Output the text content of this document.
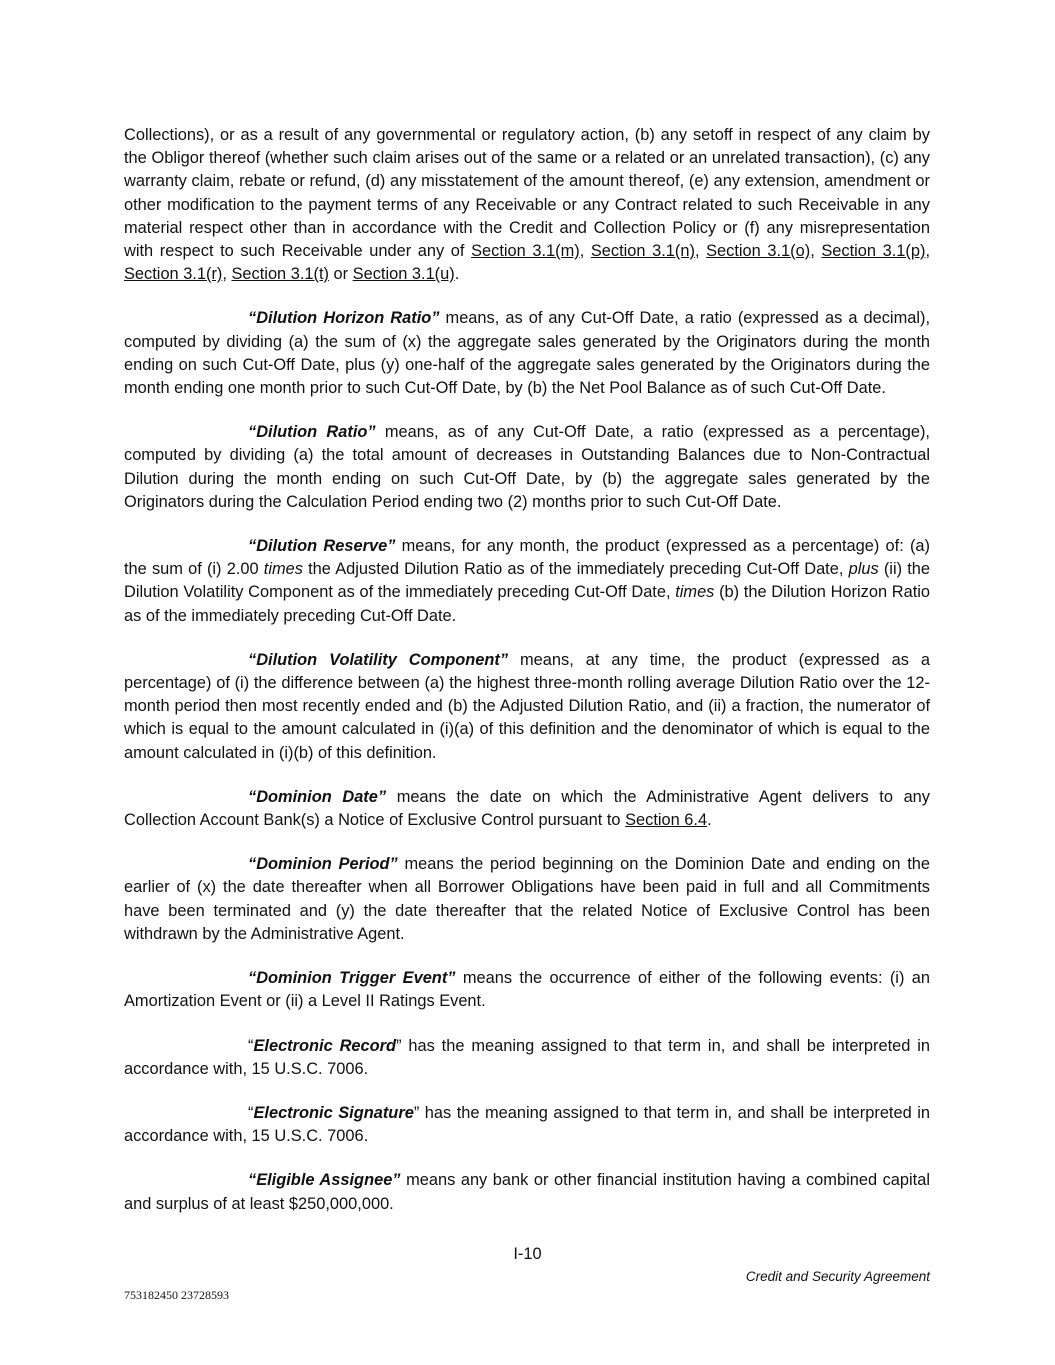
Collections), or as a result of any governmental or regulatory action, (b) any setoff in respect of any claim by the Obligor thereof (whether such claim arises out of the same or a related or an unrelated transaction), (c) any warranty claim, rebate or refund, (d) any misstatement of the amount thereof, (e) any extension, amendment or other modification to the payment terms of any Receivable or any Contract related to such Receivable in any material respect other than in accordance with the Credit and Collection Policy or (f) any misrepresentation with respect to such Receivable under any of Section 3.1(m), Section 3.1(n), Section 3.1(o), Section 3.1(p), Section 3.1(r), Section 3.1(t) or Section 3.1(u).

“Dilution Horizon Ratio” means, as of any Cut-Off Date, a ratio (expressed as a decimal), computed by dividing (a) the sum of (x) the aggregate sales generated by the Originators during the month ending on such Cut-Off Date, plus (y) one-half of the aggregate sales generated by the Originators during the month ending one month prior to such Cut-Off Date, by (b) the Net Pool Balance as of such Cut-Off Date.

“Dilution Ratio” means, as of any Cut-Off Date, a ratio (expressed as a percentage), computed by dividing (a) the total amount of decreases in Outstanding Balances due to Non-Contractual Dilution during the month ending on such Cut-Off Date, by (b) the aggregate sales generated by the Originators during the Calculation Period ending two (2) months prior to such Cut-Off Date.

“Dilution Reserve” means, for any month, the product (expressed as a percentage) of: (a) the sum of (i) 2.00 times the Adjusted Dilution Ratio as of the immediately preceding Cut-Off Date, plus (ii) the Dilution Volatility Component as of the immediately preceding Cut-Off Date, times (b) the Dilution Horizon Ratio as of the immediately preceding Cut-Off Date.

“Dilution Volatility Component” means, at any time, the product (expressed as a percentage) of (i) the difference between (a) the highest three-month rolling average Dilution Ratio over the 12-month period then most recently ended and (b) the Adjusted Dilution Ratio, and (ii) a fraction, the numerator of which is equal to the amount calculated in (i)(a) of this definition and the denominator of which is equal to the amount calculated in (i)(b) of this definition.

“Dominion Date” means the date on which the Administrative Agent delivers to any Collection Account Bank(s) a Notice of Exclusive Control pursuant to Section 6.4.

“Dominion Period” means the period beginning on the Dominion Date and ending on the earlier of (x) the date thereafter when all Borrower Obligations have been paid in full and all Commitments have been terminated and (y) the date thereafter that the related Notice of Exclusive Control has been withdrawn by the Administrative Agent.

“Dominion Trigger Event” means the occurrence of either of the following events: (i) an Amortization Event or (ii) a Level II Ratings Event.

“Electronic Record” has the meaning assigned to that term in, and shall be interpreted in accordance with, 15 U.S.C. 7006.

“Electronic Signature” has the meaning assigned to that term in, and shall be interpreted in accordance with, 15 U.S.C. 7006.

“Eligible Assignee” means any bank or other financial institution having a combined capital and surplus of at least $250,000,000.

I-10
Credit and Security Agreement
753182450 23728593
